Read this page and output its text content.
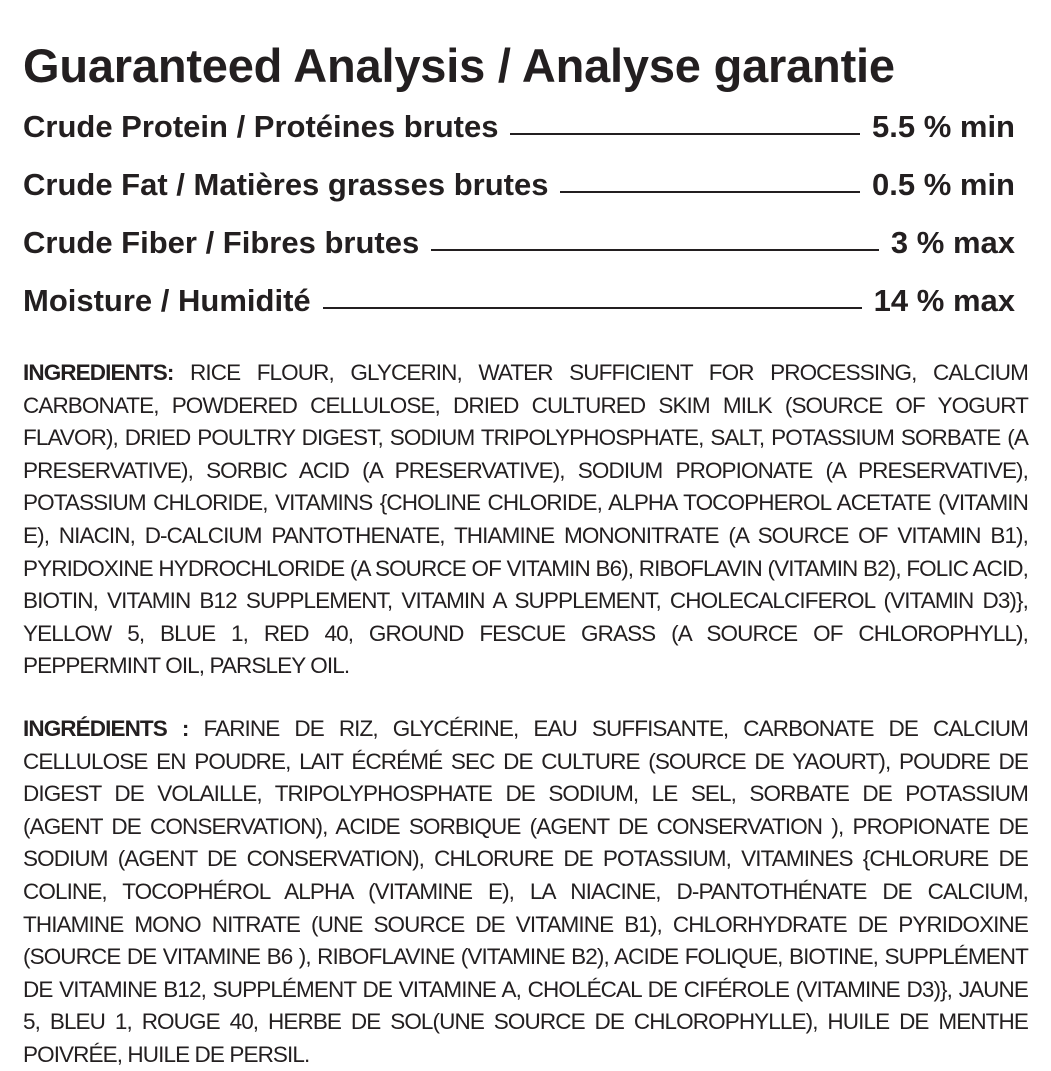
Guaranteed Analysis / Analyse garantie
Crude Protein / Protéines brutes	5.5 % min
Crude Fat / Matières grasses brutes	0.5 % min
Crude Fiber / Fibres brutes	3 % max
Moisture / Humidité	14 % max

INGREDIENTS: RICE FLOUR, GLYCERIN, WATER SUFFICIENT FOR PROCESSING, CALCIUM CARBONATE, POWDERED CELLULOSE, DRIED CULTURED SKIM MILK (SOURCE OF YOGURT FLAVOR), DRIED POULTRY DIGEST, SODIUM TRIPOLYPHOSPHATE, SALT, POTASSIUM SORBATE (A PRESERVATIVE), SORBIC ACID (A PRESERVATIVE), SODIUM PROPIONATE (A PRESERVATIVE), POTASSIUM CHLORIDE, VITAMINS {CHOLINE CHLORIDE, ALPHA TOCOPHEROL ACETATE (VITAMIN E), NIACIN, D-CALCIUM PANTOTHENATE, THIAMINE MONONITRATE (A SOURCE OF VITAMIN B1), PYRIDOXINE HYDROCHLORIDE (A SOURCE OF VITAMIN B6), RIBOFLAVIN (VITAMIN B2), FOLIC ACID, BIOTIN, VITAMIN B12 SUPPLEMENT, VITAMIN A SUPPLEMENT, CHOLECALCIFEROL (VITAMIN D3)}, YELLOW 5, BLUE 1, RED 40, GROUND FESCUE GRASS (A SOURCE OF CHLOROPHYLL), PEPPERMINT OIL, PARSLEY OIL.

INGRÉDIENTS : FARINE DE RIZ, GLYCÉRINE, EAU SUFFISANTE, CARBONATE DE CALCIUM CELLULOSE EN POUDRE, LAIT ÉCRÉMÉ SEC DE CULTURE (SOURCE DE YAOURT), POUDRE DE DIGEST DE VOLAILLE, TRIPOLYPHOSPHATE DE SODIUM, LE SEL, SORBATE DE POTASSIUM (AGENT DE CONSERVATION), ACIDE SORBIQUE (AGENT DE CONSERVATION ), PROPIONATE DE SODIUM (AGENT DE CONSERVATION), CHLORURE DE POTASSIUM, VITAMINES {CHLORURE DE COLINE, TOCOPHÉROL ALPHA (VITAMINE E), LA NIACINE, D-PANTOTHÉNATE DE CALCIUM, THIAMINE MONO NITRATE (UNE SOURCE DE VITAMINE B1), CHLORHYDRATE DE PYRIDOXINE (SOURCE DE VITAMINE B6 ), RIBOFLAVINE (VITAMINE B2), ACIDE FOLIQUE, BIOTINE, SUPPLÉMENT DE VITAMINE B12, SUPPLÉMENT DE VITAMINE A, CHOLÉCAL DE CIFÉROLE (VITAMINE D3)}, JAUNE 5, BLEU 1, ROUGE 40, HERBE DE SOL(UNE SOURCE DE CHLOROPHYLLE), HUILE DE MENTHE POIVRÉE, HUILE DE PERSIL.
